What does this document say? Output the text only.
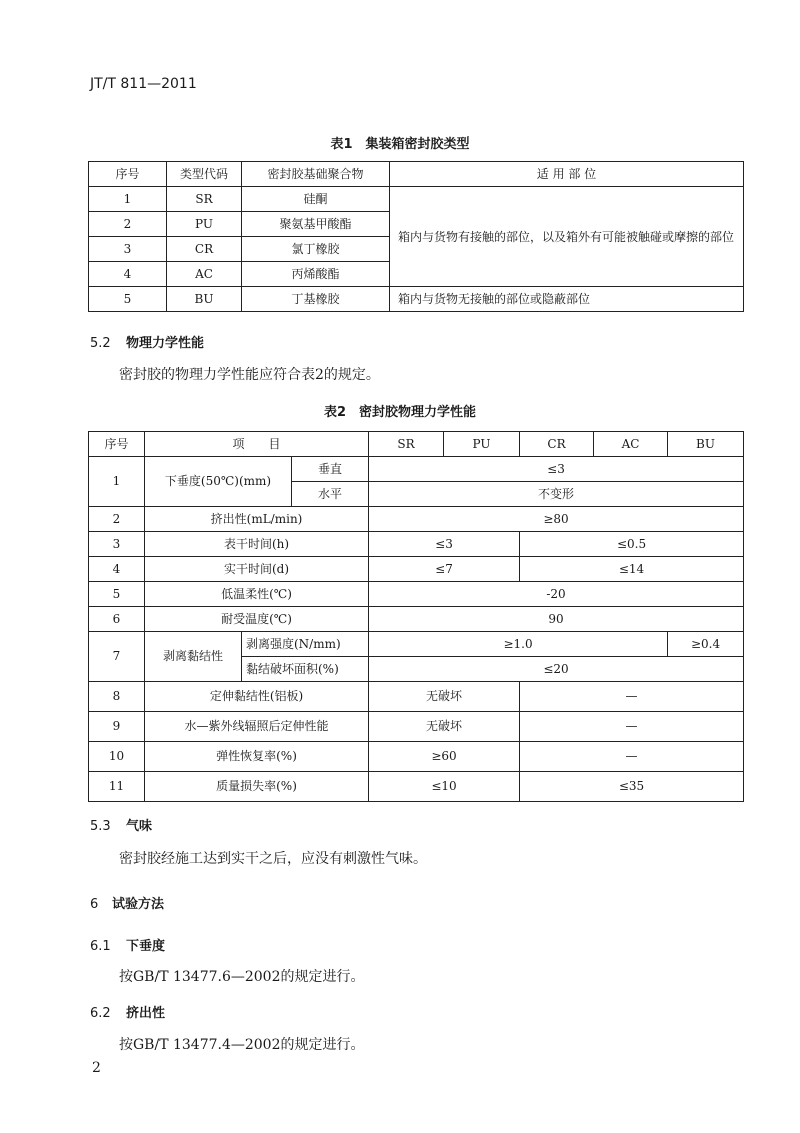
JT/T 811—2011
表1　集装箱密封胶类型
序号	类型代码	密封胶基础聚合物	适 用 部 位
1	SR	硅酮	箱内与货物有接触的部位，以及箱外有可能被触碰或摩擦的部位
2	PU	聚氨基甲酸酯	
3	CR	氯丁橡胶	
4	AC	丙烯酸酯	
5	BU	丁基橡胶	箱内与货物无接触的部位或隐蔽部位
5.2 物理力学性能
密封胶的物理力学性能应符合表2的规定。
表2　密封胶物理力学性能
序号	项　　目			SR	PU	CR	AC	BU
1	下垂度(50℃)(mm)		垂直	≤3				
			水平	不变形				
2	挤出性(mL/min)			≥80				
3	表干时间(h)			≤3		≤0.5		
4	实干时间(d)			≤7		≤14		
5	低温柔性(℃)			-20				
6	耐受温度(℃)			90				
7	剥离黏结性	剥离强度(N/mm)		≥1.0				≥0.4
		黏结破坏面积(%)		≤20				
8	定伸黏结性(铝板)			无破坏		—		
9	水—紫外线辐照后定伸性能			无破坏		—		
10	弹性恢复率(%)			≥60		—		
11	质量损失率(%)			≤10		≤35		
5.3 气味
密封胶经施工达到实干之后，应没有刺激性气味。
6 试验方法
6.1 下垂度
按GB/T 13477.6—2002的规定进行。
6.2 挤出性
按GB/T 13477.4—2002的规定进行。
2
